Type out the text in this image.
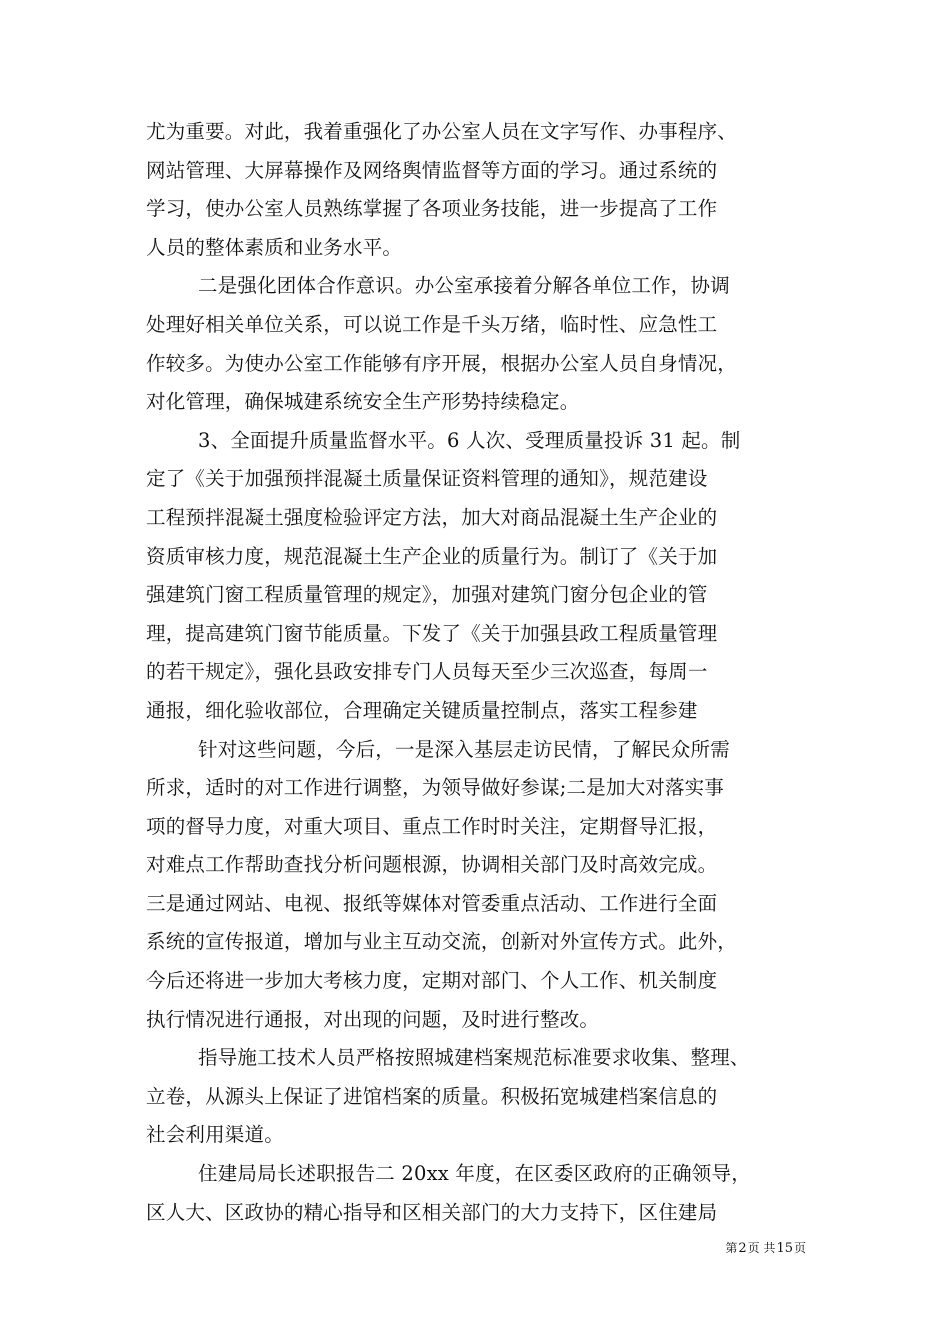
尤为重要。对此，我着重强化了办公室人员在文字写作、办事程序、
网站管理、大屏幕操作及网络舆情监督等方面的学习。通过系统的
学习，使办公室人员熟练掌握了各项业务技能，进一步提高了工作
人员的整体素质和业务水平。
二是强化团体合作意识。办公室承接着分解各单位工作，协调
处理好相关单位关系，可以说工作是千头万绪，临时性、应急性工
作较多。为使办公室工作能够有序开展，根据办公室人员自身情况，
对化管理，确保城建系统安全生产形势持续稳定。
3、全面提升质量监督水平。6 人次、受理质量投诉 31 起。制
定了《关于加强预拌混凝土质量保证资料管理的通知》，规范建设
工程预拌混凝土强度检验评定方法，加大对商品混凝土生产企业的
资质审核力度，规范混凝土生产企业的质量行为。制订了《关于加
强建筑门窗工程质量管理的规定》，加强对建筑门窗分包企业的管
理，提高建筑门窗节能质量。下发了《关于加强县政工程质量管理
的若干规定》，强化县政安排专门人员每天至少三次巡查，每周一
通报，细化验收部位，合理确定关键质量控制点，落实工程参建
针对这些问题，今后，一是深入基层走访民情，了解民众所需
所求，适时的对工作进行调整，为领导做好参谋;二是加大对落实事
项的督导力度，对重大项目、重点工作时时关注，定期督导汇报，
对难点工作帮助查找分析问题根源，协调相关部门及时高效完成。
三是通过网站、电视、报纸等媒体对管委重点活动、工作进行全面
系统的宣传报道，增加与业主互动交流，创新对外宣传方式。此外，
今后还将进一步加大考核力度，定期对部门、个人工作、机关制度
执行情况进行通报，对出现的问题，及时进行整改。
指导施工技术人员严格按照城建档案规范标准要求收集、整理、
立卷，从源头上保证了进馆档案的质量。积极拓宽城建档案信息的
社会利用渠道。
住建局局长述职报告二 20xx 年度，在区委区政府的正确领导，
区人大、区政协的精心指导和区相关部门的大力支持下，区住建局
第2页 共15页
